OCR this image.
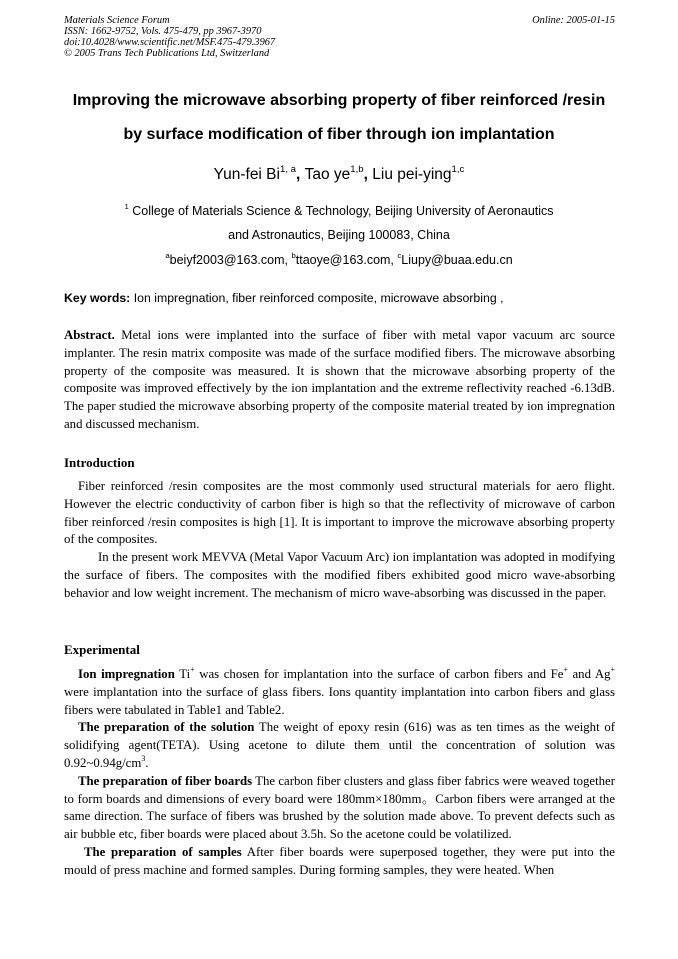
Materials Science Forum
ISSN: 1662-9752, Vols. 475-479, pp 3967-3970
doi:10.4028/www.scientific.net/MSF.475-479.3967
© 2005 Trans Tech Publications Ltd, Switzerland
Online: 2005-01-15
Improving the microwave absorbing property of fiber reinforced /resin
by surface modification of fiber through ion implantation
Yun-fei Bi$^{1, a}$, Tao ye$^{1,b}$, Liu pei-ying$^{1,c}$
$^1$ College of Materials Science & Technology, Beijing University of Aeronautics
and Astronautics, Beijing 100083, China
$^a$beiyf2003@163.com, $^b$ttaoye@163.com, $^c$Liupy@buaa.edu.cn
Key words: Ion impregnation, fiber reinforced composite, microwave absorbing ,

Abstract. Metal ions were implanted into the surface of fiber with metal vapor vacuum arc source implanter. The resin matrix composite was made of the surface modified fibers. The microwave absorbing property of the composite was measured. It is shown that the microwave absorbing property of the composite was improved effectively by the ion implantation and the extreme reflectivity reached -6.13dB. The paper studied the microwave absorbing property of the composite material treated by ion impregnation and discussed mechanism.

Introduction

Fiber reinforced /resin composites are the most commonly used structural materials for aero flight. However the electric conductivity of carbon fiber is high so that the reflectivity of microwave of carbon fiber reinforced /resin composites is high [1]. It is important to improve the microwave absorbing property of the composites.

In the present work MEVVA (Metal Vapor Vacuum Arc) ion implantation was adopted in modifying the surface of fibers. The composites with the modified fibers exhibited good micro wave-absorbing behavior and low weight increment. The mechanism of micro wave-absorbing was discussed in the paper.

Experimental

Ion impregnation Ti+ was chosen for implantation into the surface of carbon fibers and Fe+ and Ag+ were implantation into the surface of glass fibers. Ions quantity implantation into carbon fibers and glass fibers were tabulated in Table1 and Table2.

The preparation of the solution The weight of epoxy resin (616) was as ten times as the weight of solidifying agent(TETA). Using acetone to dilute them until the concentration of solution was $0.92\sim 0.94g/cm^3$.

The preparation of fiber boards The carbon fiber clusters and glass fiber fabrics were weaved together to form boards and dimensions of every board were 180mm×180mm。Carbon fibers were arranged at the same direction. The surface of fibers was brushed by the solution made above. To prevent defects such as air bubble etc, fiber boards were placed about 3.5h. So the acetone could be volatilized.

The preparation of samples After fiber boards were superposed together, they were put into the mould of press machine and formed samples. During forming samples, they were heated. When
